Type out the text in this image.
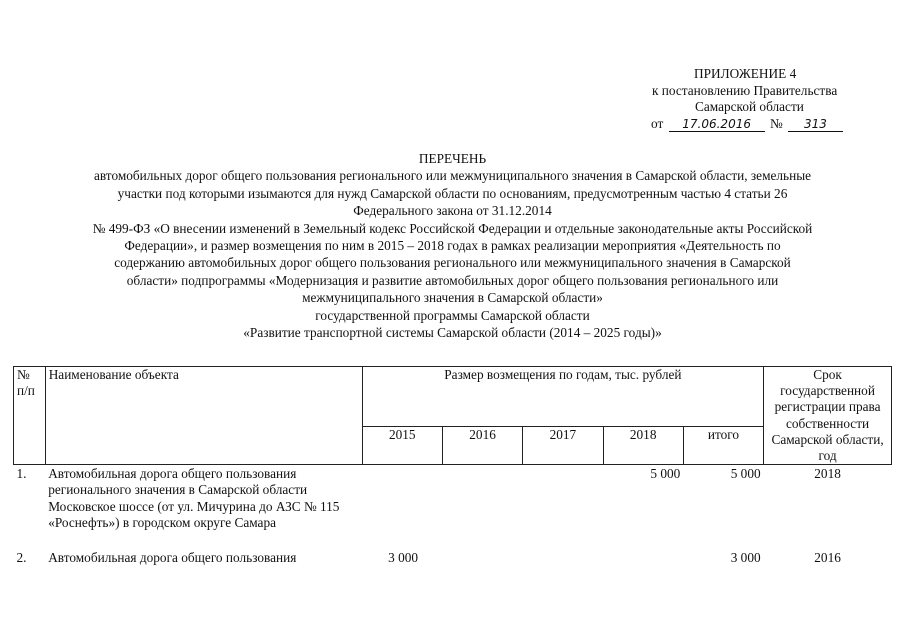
ПРИЛОЖЕНИЕ 4
к постановлению Правительства
Самарской области
от 17.06.2016 № 313
ПЕРЕЧЕНЬ
автомобильных дорог общего пользования регионального или межмуниципального значения в Самарской области, земельные
участки под которыми изымаются для нужд Самарской области по основаниям, предусмотренным частью 4 статьи 26
Федерального закона от 31.12.2014
№ 499-ФЗ «О внесении изменений в Земельный кодекс Российской Федерации и отдельные законодательные акты Российской
Федерации», и размер возмещения по ним в 2015 – 2018 годах в рамках реализации мероприятия «Деятельность по
содержанию автомобильных дорог общего пользования регионального или межмуниципального значения в Самарской
области» подпрограммы «Модернизация и развитие автомобильных дорог общего пользования регионального или
межмуниципального значения в Самарской области»
государственной программы Самарской области
«Развитие транспортной системы Самарской области (2014 – 2025 годы)»
№ п/п	Наименование объекта	Размер возмещения по годам, тыс. рублей					Срок государственной регистрации права собственности Самарской области, год
		2015	2016	2017	2018	итого	
1.	Автомобильная дорога общего пользования регионального значения в Самарской области Московское шоссе (от ул. Мичурина до АЗС № 115 «Роснефть») в городском округе Самара				5 000	5 000	2018
2.	Автомобильная дорога общего пользования	3 000				3 000	2016
